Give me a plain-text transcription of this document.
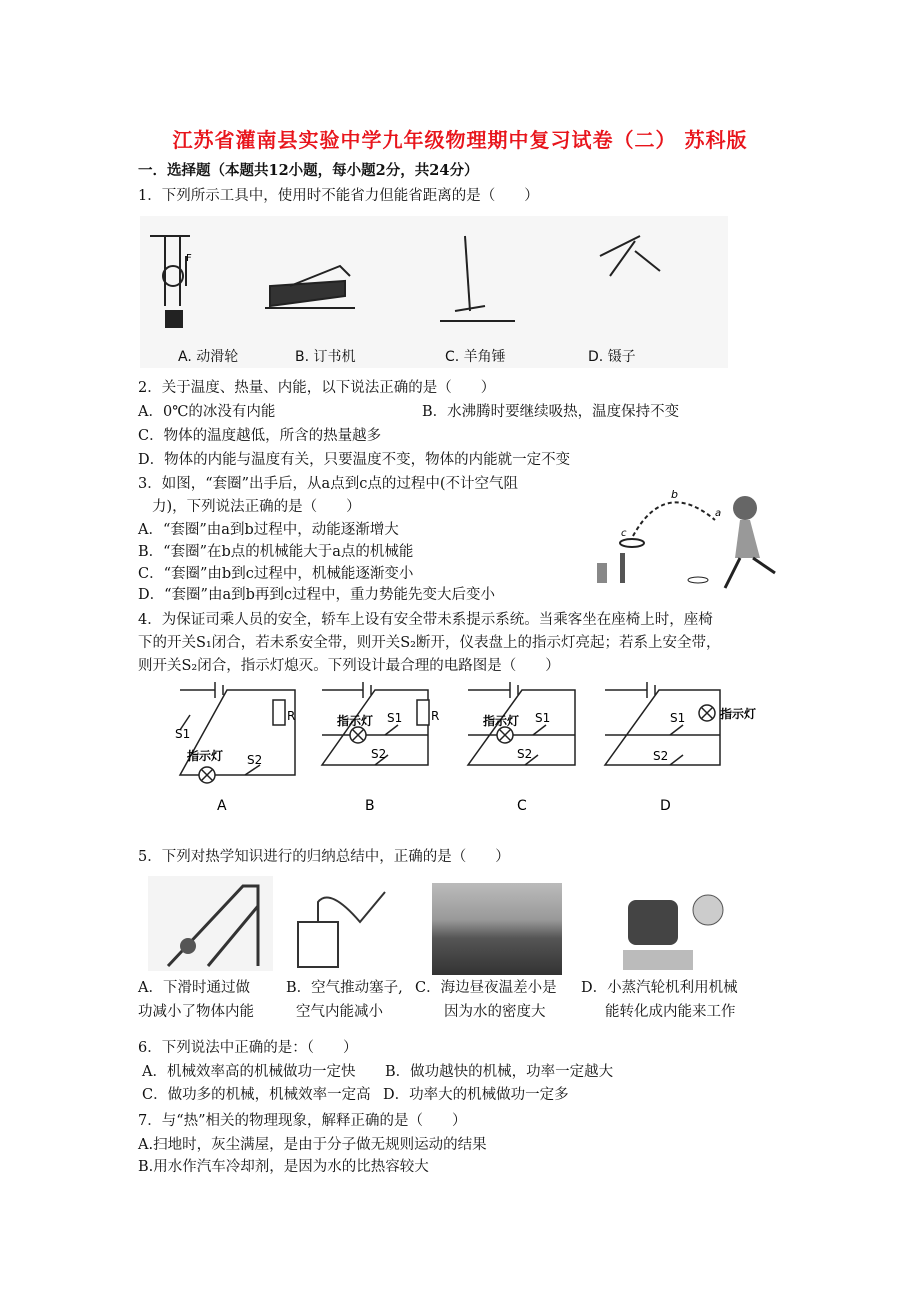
江苏省灌南县实验中学九年级物理期中复习试卷（二） 苏科版
一．选择题（本题共12小题，每小题2分，共24分）
1．下列所示工具中，使用时不能省力但能省距离的是（　　）
F
A. 动滑轮	B. 订书机	C. 羊角锤	D. 镊子
2．关于温度、热量、内能，以下说法正确的是（　　）
A．0℃的冰没有内能	B．水沸腾时要继续吸热，温度保持不变
C．物体的温度越低，所含的热量越多
D．物体的内能与温度有关，只要温度不变，物体的内能就一定不变
3．如图，“套圈”出手后，从a点到c点的过程中(不计空气阻
力)，下列说法正确的是（　　）
A．“套圈”由a到b过程中，动能逐渐增大
B．“套圈”在b点的机械能大于a点的机械能
C．“套圈”由b到c过程中，机械能逐渐变小
D．“套圈”由a到b再到c过程中，重力势能先变大后变小
b
a
c
4．为保证司乘人员的安全，轿车上设有安全带未系提示系统。当乘客坐在座椅上时，座椅
下的开关S₁闭合，若未系安全带，则开关S₂断开，仪表盘上的指示灯亮起；若系上安全带，
则开关S₂闭合，指示灯熄灭。下列设计最合理的电路图是（　　）
S1
R
指示灯 S2
A
指示灯 S1 R
S2
B
指示灯 S1
S2
C
指示灯
S1
S2
D
5．下列对热学知识进行的归纳总结中，正确的是（　　）
A．下滑时通过做
功减小了物体内能
B．空气推动塞子,
空气内能减小
C．海边昼夜温差小是
因为水的密度大
D．小蒸汽轮机利用机械
能转化成内能来工作
6．下列说法中正确的是：（　　）
A．机械效率高的机械做功一定快 B．做功越快的机械，功率一定越大
C．做功多的机械，机械效率一定高 D．功率大的机械做功一定多
7．与“热”相关的物理现象，解释正确的是（　　）
A.扫地时，灰尘满屋，是由于分子做无规则运动的结果
B.用水作汽车冷却剂，是因为水的比热容较大
